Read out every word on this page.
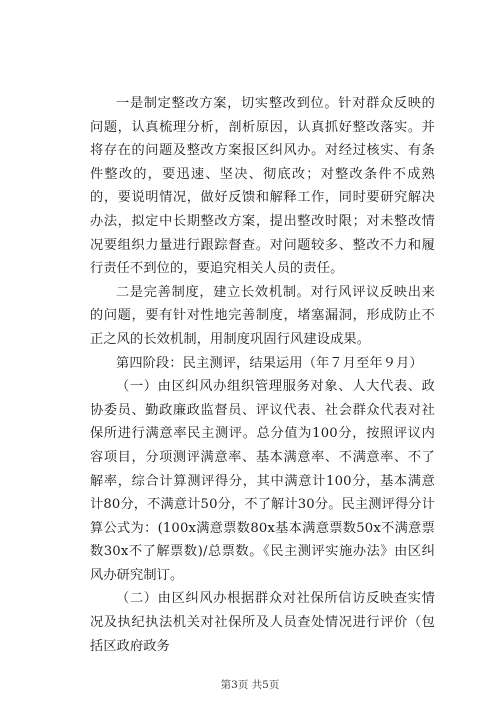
一是制定整改方案，切实整改到位。针对群众反映的问题，认真梳理分析，剖析原因，认真抓好整改落实。并将存在的问题及整改方案报区纠风办。对经过核实、有条件整改的，要迅速、坚决、彻底改；对整改条件不成熟的，要说明情况，做好反馈和解释工作，同时要研究解决办法，拟定中长期整改方案，提出整改时限；对未整改情况要组织力量进行跟踪督查。对问题较多、整改不力和履行责任不到位的，要追究相关人员的责任。

二是完善制度，建立长效机制。对行风评议反映出来的问题，要有针对性地完善制度，堵塞漏洞，形成防止不正之风的长效机制，用制度巩固行风建设成果。

第四阶段：民主测评，结果运用（年７月至年９月）

（一）由区纠风办组织管理服务对象、人大代表、政协委员、勤政廉政监督员、评议代表、社会群众代表对社保所进行满意率民主测评。总分值为100分，按照评议内容项目，分项测评满意率、基本满意率、不满意率、不了解率，综合计算测评得分，其中满意计100分，基本满意计80分，不满意计50分，不了解计30分。民主测评得分计算公式为：(100x满意票数80x基本满意票数50x不满意票数30x不了解票数)/总票数。《民主测评实施办法》由区纠风办研究制订。

（二）由区纠风办根据群众对社保所信访反映查实情况及执纪执法机关对社保所及人员查处情况进行评价（包括区政府政务

第3页 共5页
